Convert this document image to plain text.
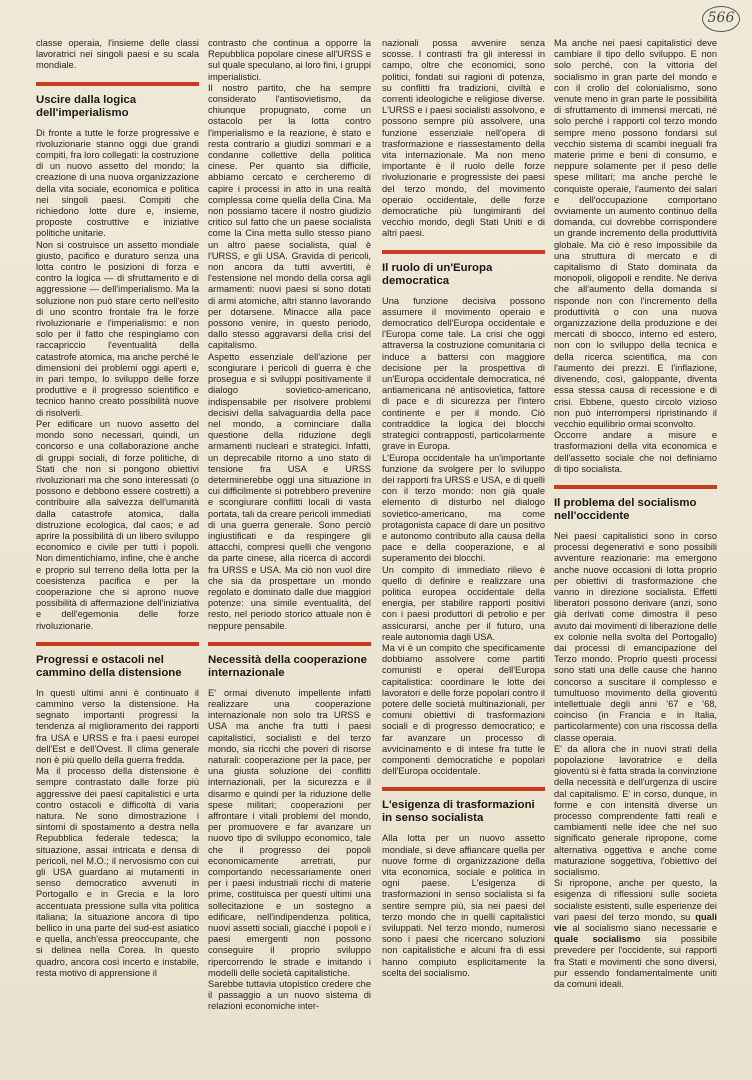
566

classe operaia, l'insieme delle classi lavoratrici nei singoli paesi e su scala mondiale.

Uscire dalla logica dell'imperialismo

Di fronte a tutte le forze progressive e rivoluzionarie stanno oggi due grandi compiti, fra loro collegati: la costruzione di un nuovo assetto del mondo; la creazione di una nuova organizzazione della vita sociale, economica e politica nei singoli paesi. Compiti che richiedono lotte dure e, insieme, proposte costruttive e iniziative politiche unitarie.

Non si costruisce un assetto mondiale giusto, pacifico e duraturo senza una lotta contro le posizioni di forza e contro la logica — di sfruttamento e di aggressione — dell'imperialismo. Ma la soluzione non può stare certo nell'esito di uno scontro frontale fra le forze rivoluzionarie e l'imperialismo: e non solo per il fatto che respingiamo con raccapriccio l'eventualità della catastrofe atomica, ma anche perché le dimensioni dei problemi oggi aperti e, in pari tempo, lo sviluppo delle forze produttive e il progresso scientifico e tecnico hanno creato possibilità nuove di risolverli.

Per edificare un nuovo assetto del mondo sono necessari, quindi, un concorso e una collaborazione anche di gruppi sociali, di forze politiche, di Stati che non si pongono obiettivi rivoluzionari ma che sono interessati (o possono e debbono essere costretti) a contribuire alla salvezza dell'umanità dalla catastrofe atomica, dalla distruzione ecologica, dal caos; e ad aprire la possibilità di un libero sviluppo economico e civile per tutti i popoli. Non dimentichiamo, infine, che è anche e proprio sul terreno della lotta per la coesistenza pacifica e per la cooperazione che si aprono nuove possibilità di affermazione dell'iniziativa e dell'egemonia delle forze rivoluzionarie.

Progressi e ostacoli nel cammino della distensione

In questi ultimi anni è continuato il cammino verso la distensione. Ha segnato importanti progressi la tendenza al miglioramento dei rapporti fra USA e URSS e fra i paesi europei dell'Est e dell'Ovest. Il clima generale non è più quello della guerra fredda.

Ma il processo della distensione è sempre contrastato dalle forze più aggressive dei paesi capitalistici e urta contro ostacoli e difficoltà di varia natura. Ne sono dimostrazione i sintomi di spostamento a destra nella Repubblica federale tedesca; la situazione, assai intricata e densa di pericoli, nel M.O.; il nervosismo con cui gli USA guardano ai mutamenti in senso democratico avvenuti in Portogallo e in Grecia e la loro accentuata pressione sulla vita politica italiana; la situazione ancora di tipo bellico in una parte del sud-est asiatico e quella, anch'essa preoccupante, che si delinea nella Corea. In questo quadro, ancora così incerto e instabile, resta motivo di apprensione il

contrasto che continua a opporre la Repubblica popolare cinese all'URSS e sul quale speculano, ai loro fini, i gruppi imperialistici.

Il nostro partito, che ha sempre considerato l'antisovietismo, da chiunque propugnato, come un ostacolo per la lotta contro l'imperialismo e la reazione, è stato e resta contrario a giudizi sommari e a condanne collettive della politica cinese. Per quanto sia difficile, abbiamo cercato e cercheremo di capire i processi in atto in una realtà complessa come quella della Cina. Ma non possiamo tacere il nostro giudizio critico sul fatto che un paese socialista come la Cina metta sullo stesso piano un altro paese socialista, qual è l'URSS, e gli USA. Gravida di pericoli, non ancora da tutti avvertiti, è l'estensione nel mondo della corsa agli armamenti: nuovi paesi si sono dotati di armi atomiche, altri stanno lavorando per dotarsene. Minacce alla pace possono venire, in questo periodo, dallo stesso aggravarsi della crisi del capitalismo.

Aspetto essenziale dell'azione per scongiurare i pericoli di guerra è che prosegua e si sviluppi positivamente il dialogo sovietico-americano, indispensabile per risolvere problemi decisivi della salvaguardia della pace nel mondo, a cominciare dalla questione della riduzione degli armamenti nucleari e strategici. Infatti, un deprecabile ritorno a uno stato di tensione fra USA e URSS determinerebbe oggi una situazione in cui difficilmente si potrebbero prevenire e scongiurare conflitti locali di vasta portata, tali da creare pericoli immediati di una guerra generale. Sono perciò ingiustificati e da respingere gli attacchi, compresi quelli che vengono da parte cinese, alla ricerca di accordi fra URSS e USA. Ma ciò non vuol dire che sia da prospettare un mondo regolato e dominato dalle due maggiori potenze: una simile eventualità, del resto, nel periodo storico attuale non è neppure pensabile.

Necessità della cooperazione internazionale

E' ormai divenuto impellente infatti realizzare una cooperazione internazionale non solo tra URSS e USA ma anche fra tutti i paesi capitalistici, socialisti e del terzo mondo, sia ricchi che poveri di risorse naturali: cooperazione per la pace, per una giusta soluzione dei conflitti internazionali, per la sicurezza e il disarmo e quindi per la riduzione delle spese militari; cooperazioni per affrontare i vitali problemi del mondo, per promuovere e far avanzare un nuovo tipo di sviluppo economico, tale che il progresso dei popoli economicamente arretrati, pur comportando necessariamente oneri per i paesi industriali ricchi di materie prime, costituisca per questi ultimi una sollecitazione e un sostegno a edificare, nell'indipendenza politica, nuovi assetti sociali, giacché i popoli e i paesi emergenti non possono conseguire il proprio sviluppo ripercorrendo le strade e imitando i modelli delle società capitalistiche.

Sarebbe tuttavia utopistico credere che il passaggio a un nuovo sistema di relazioni economiche inter-

nazionali possa avvenire senza scosse. I contrasti fra gli interessi in campo, oltre che economici, sono politici, fondati sui ragioni di potenza, su conflitti fra tradizioni, civiltà e correnti ideologiche e religiose diverse. L'URSS e i paesi socialisti assolvono, e possono sempre più assolvere, una funzione essenziale nell'opera di trasformazione e riassestamento della vita internazionale. Ma non meno importante è il ruolo delle forze rivoluzionarie e progressiste dei paesi del terzo mondo, del movimento operaio occidentale, delle forze democratiche più lungimiranti del vecchio mondo, degli Stati Uniti e di altri paesi.

Il ruolo di un'Europa democratica

Una funzione decisiva possono assumere il movimento operaio e democratico dell'Europa occidentale e l'Europa come tale. La crisi che oggi attraversa la costruzione comunitaria ci induce a battersi con maggiore decisione per la prospettiva di un'Europa occidentale democratica, né antiamericana né antisovietica, fattore di pace e di sicurezza per l'intero continente e per il mondo. Ciò contraddice la logica dei blocchi strategici contrapposti, particolarmente grave in Europa.

L'Europa occidentale ha un'importante funzione da svolgere per lo sviluppo dei rapporti fra URSS e USA, e di quelli con il terzo mondo: non già quale elemento di disturbo nel dialogo sovietico-americano, ma come protagonista capace di dare un positivo e autonomo contributo alla causa della pace e della cooperazione, e al superamento dei blocchi.

Un compito di immediato rilievo è quello di definire e realizzare una politica europea occidentale della energia, per stabilire rapporti positivi con i paesi produttori di petrolio e per assicurarsi, anche per il futuro, una reale autonomia dagli USA.

Ma vi è un compito che specificamente dobbiamo assolvere come partiti comunisti e operai dell'Europa capitalistica: coordinare le lotte dei lavoratori e delle forze popolari contro il potere delle società multinazionali, per comuni obiettivi di trasformazioni sociali e di progresso democratico; e far avanzare un processo di avvicinamento e di intese fra tutte le componenti democratiche e popolari dell'Europa occidentale.

L'esigenza di trasformazioni in senso socialista

Alla lotta per un nuovo assetto mondiale, si deve affiancare quella per nuove forme di organizzazione della vita economica, sociale e politica in ogni paese. L'esigenza di trasformazioni in senso socialista si fa sentire sempre più, sia nei paesi del terzo mondo che in quelli capitalistici sviluppati. Nel terzo mondo, numerosi sono i paesi che ricercano soluzioni non capitalistiche e alcuni fra di essi hanno compiuto esplicitamente la scelta del socialismo.

Ma anche nei paesi capitalistici deve cambiare il tipo dello sviluppo. E non solo perché, con la vittoria del socialismo in gran parte del mondo e con il crollo del colonialismo, sono venute meno in gran parte le possibilità di sfruttamento di immensi mercati, né solo perché i rapporti col terzo mondo sempre meno possono fondarsi sul vecchio sistema di scambi ineguali fra materie prime e beni di consumo, e neppure solamente per il peso delle spese militari; ma anche perché le conquiste operaie, l'aumento dei salari e dell'occupazione comportano ovviamente un aumento continuo della domanda, cui dovrebbe corrispondere un grande incremento della produttività globale. Ma ciò è reso impossibile da una struttura di mercato e di capitalismo di Stato dominata da monopoli, oligopoli e rendite. Ne deriva che all'aumento della domanda si risponde non con l'incremento della produttività o con una nuova organizzazione della produzione e dei mercati di sbocco, interno ed estero, non con lo sviluppo della tecnica e della ricerca scientifica, ma con l'aumento dei prezzi. E l'inflazione, divenendo, così, galoppante, diventa essa stessa causa di recessione e di crisi. Ebbene, questo circolo vizioso non può interrompersi ripristinando il vecchio equilibrio ormai sconvolto.

Occorre andare a misure e trasformazioni della vita economica e dell'assetto sociale che noi definiamo di tipo socialista.

Il problema del socialismo nell'occidente

Nei paesi capitalistici sono in corso processi degenerativi e sono possibili avventure reazionarie: ma emergono anche nuove occasioni di lotta proprio per obiettivi di trasformazione che vanno in direzione socialista. Effetti liberatori possono derivare (anzi, sono già derivati come dimostra il peso avuto dai movimenti di liberazione delle ex colonie nella svolta del Portogallo) dai processi di emancipazione del Terzo mondo. Proprio questi processi sono stati una delle cause che hanno concorso a suscitare il complesso e tumultuoso movimento della gioventù intellettuale degli anni '67 e '68, coinciso (in Francia e in Italia, particolarmente) con una riscossa della classe operaia.

E' da allora che in nuovi strati della popolazione lavoratrice e della gioventù si è fatta strada la convinzione della necessità e dell'urgenza di uscire dal capitalismo. E' in corso, dunque, in forme e con intensità diverse un processo comprendente fatti reali e cambiamenti nelle idee che nel suo significato generale ripropone, come alternativa oggettiva e anche come maturazione soggettiva, l'obiettivo del socialismo.

Si ripropone, anche per questo, la esigenza di riflessioni sulle societa socialiste esistenti, sulle esperienze dei vari paesi del terzo mondo, su quali vie al socialismo siano necessarie e quale socialismo sia possibile prevedere per l'occidente, sui rapporti fra Stati e movimenti che sono diversi, pur essendo fondamentalmente uniti da comuni ideali.
